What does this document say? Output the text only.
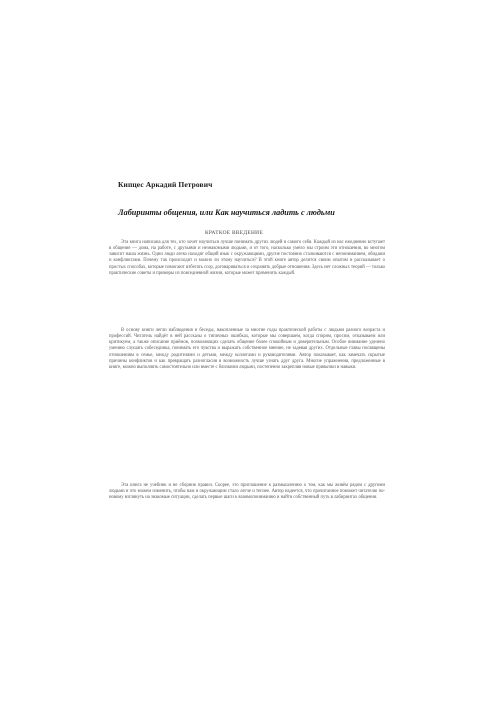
Кипцес Аркадий Петрович
Лабиринты общения, или Как научиться ладить с людьми
КРАТКОЕ ВВЕДЕНИЕ

Эта книга написана для тех, кто хочет научиться лучше понимать других людей и самого себя. Каждый из нас ежедневно вступает в общение — дома, на работе, с друзьями и незнакомыми людьми, и от того, насколько умело мы строим эти отношения, во многом зависит наша жизнь. Одни люди легко находят общий язык с окружающими, другие постоянно сталкиваются с непониманием, обидами и конфликтами. Почему так происходит и можно ли этому научиться? В этой книге автор делится своим опытом и рассказывает о простых способах, которые помогают избегать ссор, договариваться и сохранять добрые отношения. Здесь нет сложных теорий — только практические советы и примеры из повседневной жизни, которые может применить каждый.

В основу книги легли наблюдения и беседы, накопленные за многие годы практической работы с людьми разного возраста и профессий. Читатель найдёт в ней рассказы о типичных ошибках, которые мы совершаем, когда спорим, просим, отказываем или критикуем, а также описание приёмов, позволяющих сделать общение более спокойным и доверительным. Особое внимание уделено умению слушать собеседника, понимать его чувства и выражать собственное мнение, не задевая других. Отдельные главы посвящены отношениям в семье, между родителями и детьми, между коллегами и руководителями. Автор показывает, как замечать скрытые причины конфликтов и как превращать разногласия в возможность лучше узнать друг друга. Многие упражнения, предложенные в книге, можно выполнять самостоятельно или вместе с близкими людьми, постепенно закрепляя новые привычки и навыки.

Эта книга не учебник и не сборник правил. Скорее, это приглашение к размышлению о том, как мы живём рядом с другими людьми и что можем изменить, чтобы нам и окружающим стало легче и теплее. Автор надеется, что прочитанное поможет читателю по-новому взглянуть на знакомые ситуации, сделать первые шаги к взаимопониманию и найти собственный путь в лабиринтах общения.
